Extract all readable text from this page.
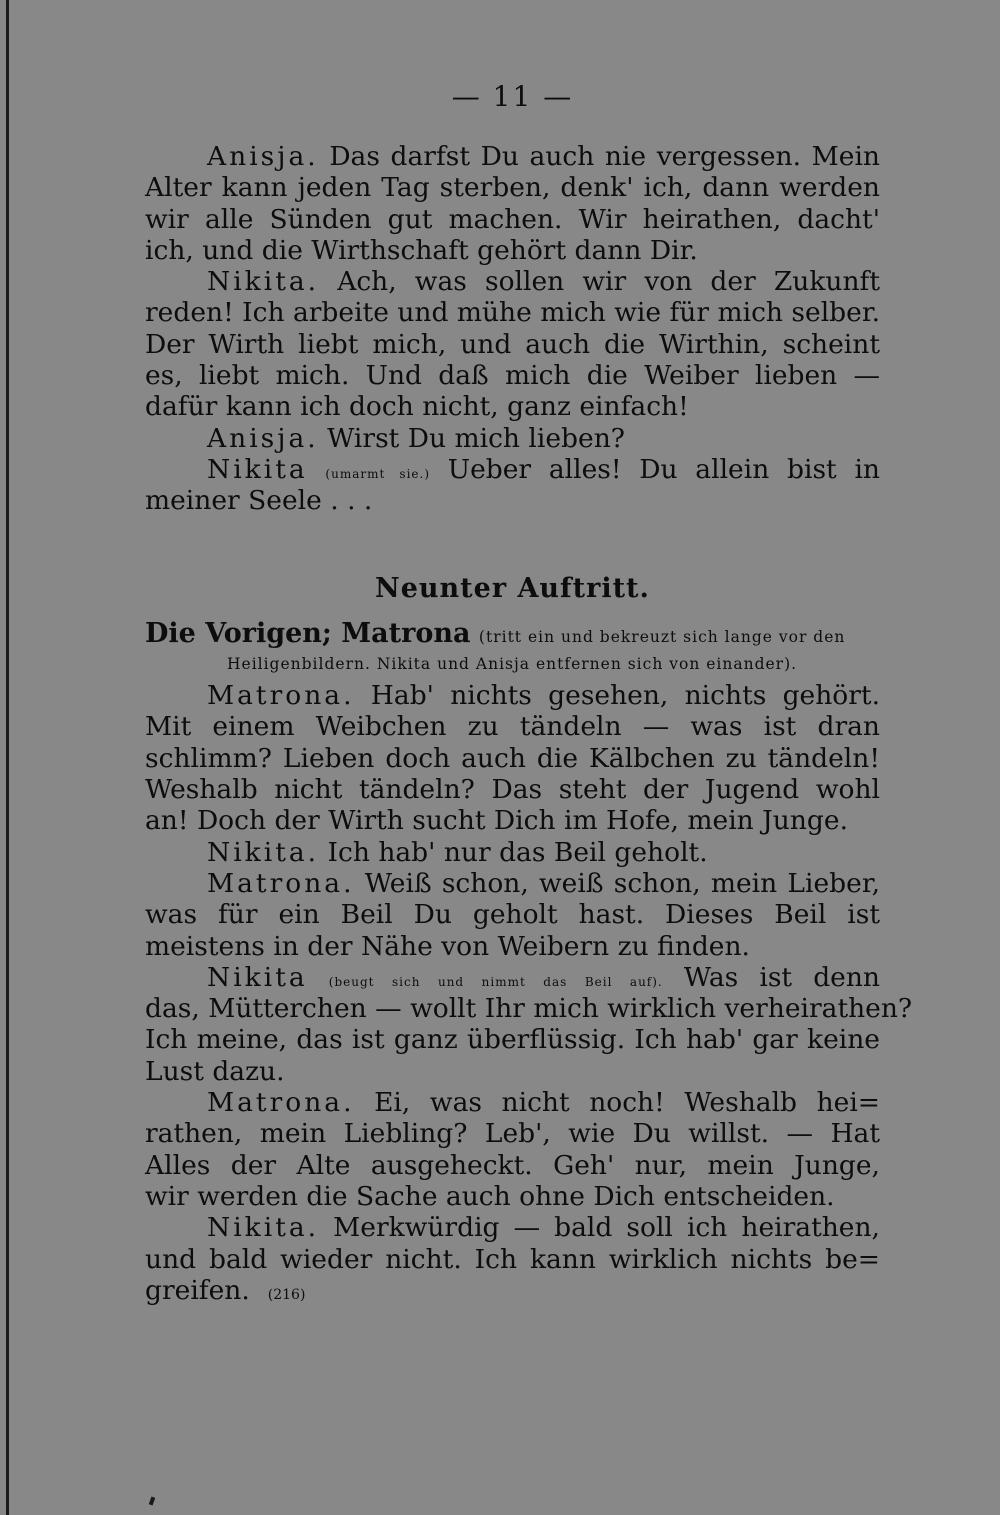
— 11 —
Anisja. Das darfst Du auch nie vergessen. Mein
Alter kann jeden Tag sterben, denk' ich, dann werden
wir alle Sünden gut machen. Wir heirathen, dacht'
ich, und die Wirthschaft gehört dann Dir.
Nikita. Ach, was sollen wir von der Zukunft
reden! Ich arbeite und mühe mich wie für mich selber.
Der Wirth liebt mich, und auch die Wirthin, scheint
es, liebt mich. Und daß mich die Weiber lieben —
dafür kann ich doch nicht, ganz einfach!
Anisja. Wirst Du mich lieben?
Nikita (umarmt sie.) Ueber alles! Du allein bist in
meiner Seele . . .
Neunter Auftritt.
Die Vorigen; Matrona (tritt ein und bekreuzt sich lange vor den
Heiligenbildern. Nikita und Anisja entfernen sich von einander).
Matrona. Hab' nichts gesehen, nichts gehört.
Mit einem Weibchen zu tändeln — was ist dran
schlimm? Lieben doch auch die Kälbchen zu tändeln!
Weshalb nicht tändeln? Das steht der Jugend wohl
an! Doch der Wirth sucht Dich im Hofe, mein Junge.
Nikita. Ich hab' nur das Beil geholt.
Matrona. Weiß schon, weiß schon, mein Lieber,
was für ein Beil Du geholt hast. Dieses Beil ist
meistens in der Nähe von Weibern zu finden.
Nikita (beugt sich und nimmt das Beil auf). Was ist denn
das, Mütterchen — wollt Ihr mich wirklich verheirathen?
Ich meine, das ist ganz überflüssig. Ich hab' gar keine
Lust dazu.
Matrona. Ei, was nicht noch! Weshalb hei=
rathen, mein Liebling? Leb', wie Du willst. — Hat
Alles der Alte ausgeheckt. Geh' nur, mein Junge,
wir werden die Sache auch ohne Dich entscheiden.
Nikita. Merkwürdig — bald soll ich heirathen,
und bald wieder nicht. Ich kann wirklich nichts be=
greifen. (216)
